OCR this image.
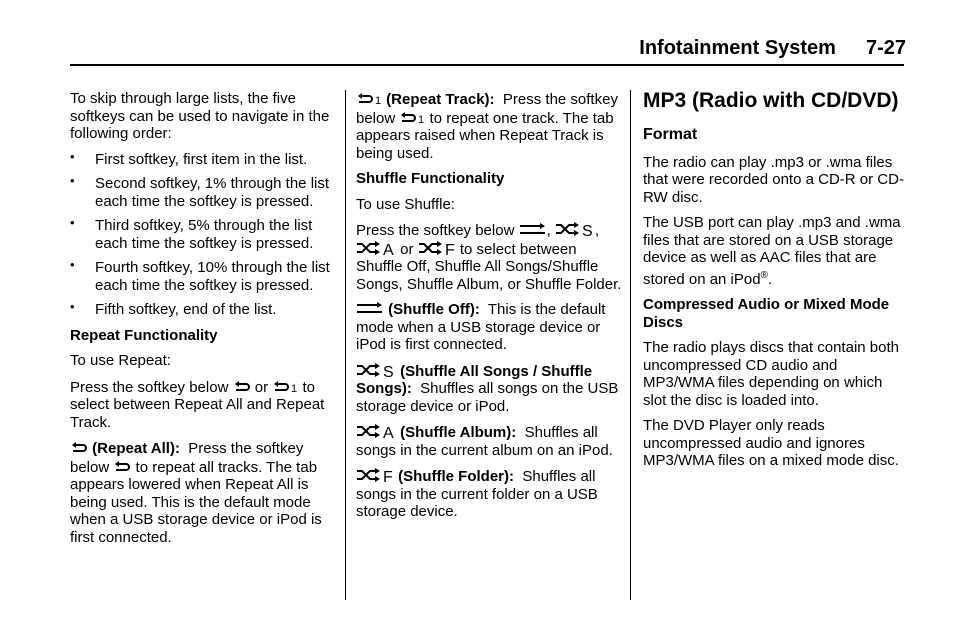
Infotainment System 7-27

To skip through large lists, the five softkeys can be used to navigate in the following order:

• First softkey, first item in the list.
• Second softkey, 1% through the list each time the softkey is pressed.
• Third softkey, 5% through the list each time the softkey is pressed.
• Fourth softkey, 10% through the list each time the softkey is pressed.
• Fifth softkey, end of the list.

Repeat Functionality

To use Repeat:

Press the softkey below or 1 to select between Repeat All and Repeat Track.

(Repeat All): Press the softkey below to repeat all tracks. The tab appears lowered when Repeat All is being used. This is the default mode when a USB storage device or iPod is first connected.

1 (Repeat Track): Press the softkey below 1 to repeat one track. The tab appears raised when Repeat Track is being used.

Shuffle Functionality

To use Shuffle:

Press the softkey below , S ,
A or F to select between Shuffle Off, Shuffle All Songs/Shuffle Songs, Shuffle Album, or Shuffle Folder.

(Shuffle Off): This is the default mode when a USB storage device or iPod is first connected.

S (Shuffle All Songs / Shuffle Songs): Shuffles all songs on the USB storage device or iPod.

A (Shuffle Album): Shuffles all songs in the current album on an iPod.

F (Shuffle Folder): Shuffles all songs in the current folder on a USB storage device.

MP3 (Radio with CD/DVD)
Format

The radio can play .mp3 or .wma files that were recorded onto a CD-R or CD-RW disc.

The USB port can play .mp3 and .wma files that are stored on a USB storage device as well as AAC files that are stored on an iPod®.

Compressed Audio or Mixed Mode Discs

The radio plays discs that contain both uncompressed CD audio and MP3/WMA files depending on which slot the disc is loaded into.

The DVD Player only reads uncompressed audio and ignores MP3/WMA files on a mixed mode disc.
